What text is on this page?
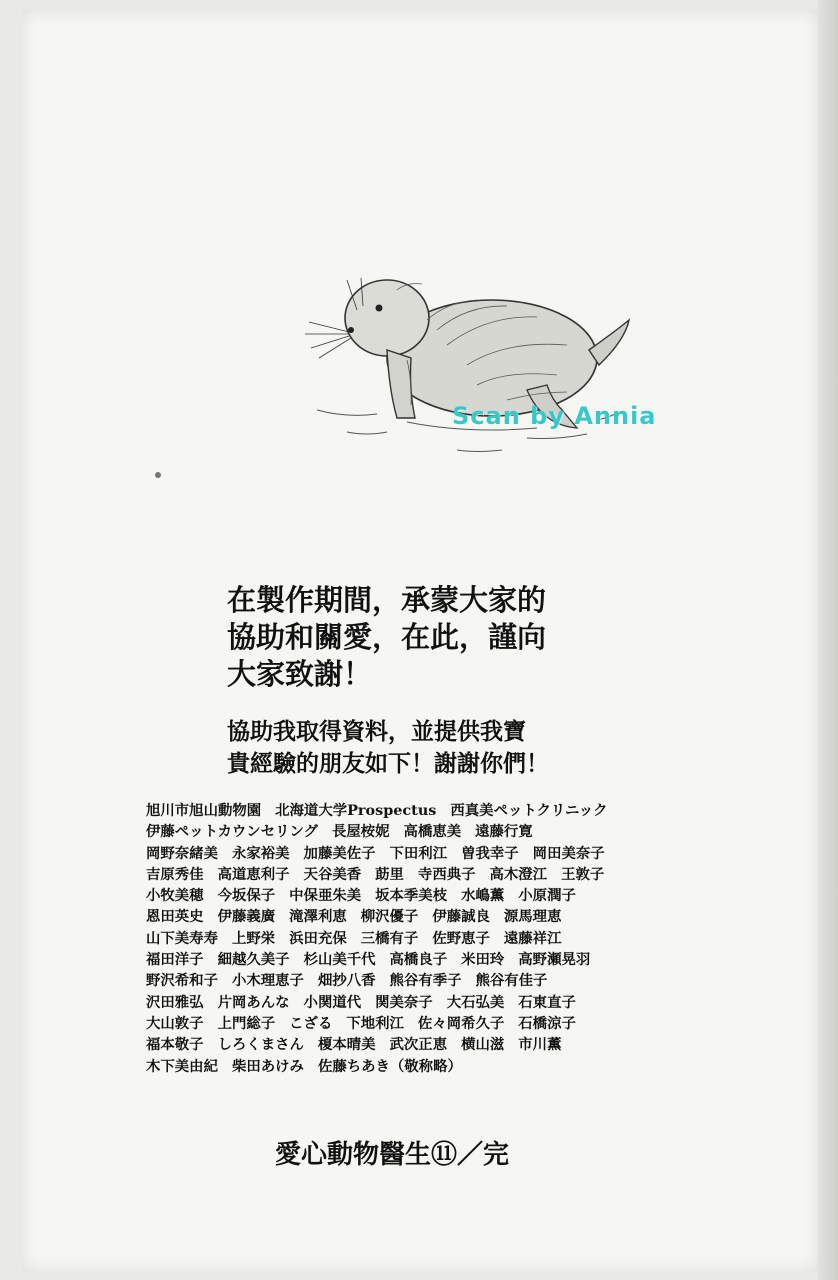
Scan by Annia
在製作期間，承蒙大家的
協助和關愛，在此，謹向
大家致謝！
協助我取得資料，並提供我寶
貴經驗的朋友如下！謝謝你們！
旭川市旭山動物園 北海道大学Prospectus 西真美ペットクリニック
伊藤ペットカウンセリング 長屋桉妮 高橋恵美 遠藤行寛
岡野奈緒美 永家裕美 加藤美佐子 下田利江 曽我幸子 岡田美奈子
吉原秀佳 高道恵利子 天谷美香 莇里 寺西典子 高木澄江 王敦子
小牧美穂 今坂保子 中保亜朱美 坂本季美枝 水嶋薫 小原潤子
恩田英史 伊藤義廣 滝澤利恵 柳沢優子 伊藤誠良 源馬理恵
山下美寿寿 上野栄 浜田充保 三橋有子 佐野恵子 遠藤祥江
福田洋子 細越久美子 杉山美千代 高橋良子 米田玲 高野瀬晃羽
野沢希和子 小木理恵子 畑抄八香 熊谷有季子 熊谷有佳子
沢田雅弘 片岡あんな 小関道代 関美奈子 大石弘美 石東直子
大山敦子 上門総子 こざる 下地利江 佐々岡希久子 石橋涼子
福本敬子 しろくまさん 榎本晴美 武次正恵 横山滋 市川薫
木下美由紀 柴田あけみ 佐藤ちあき（敬称略）
愛心動物醫生⑪／完
